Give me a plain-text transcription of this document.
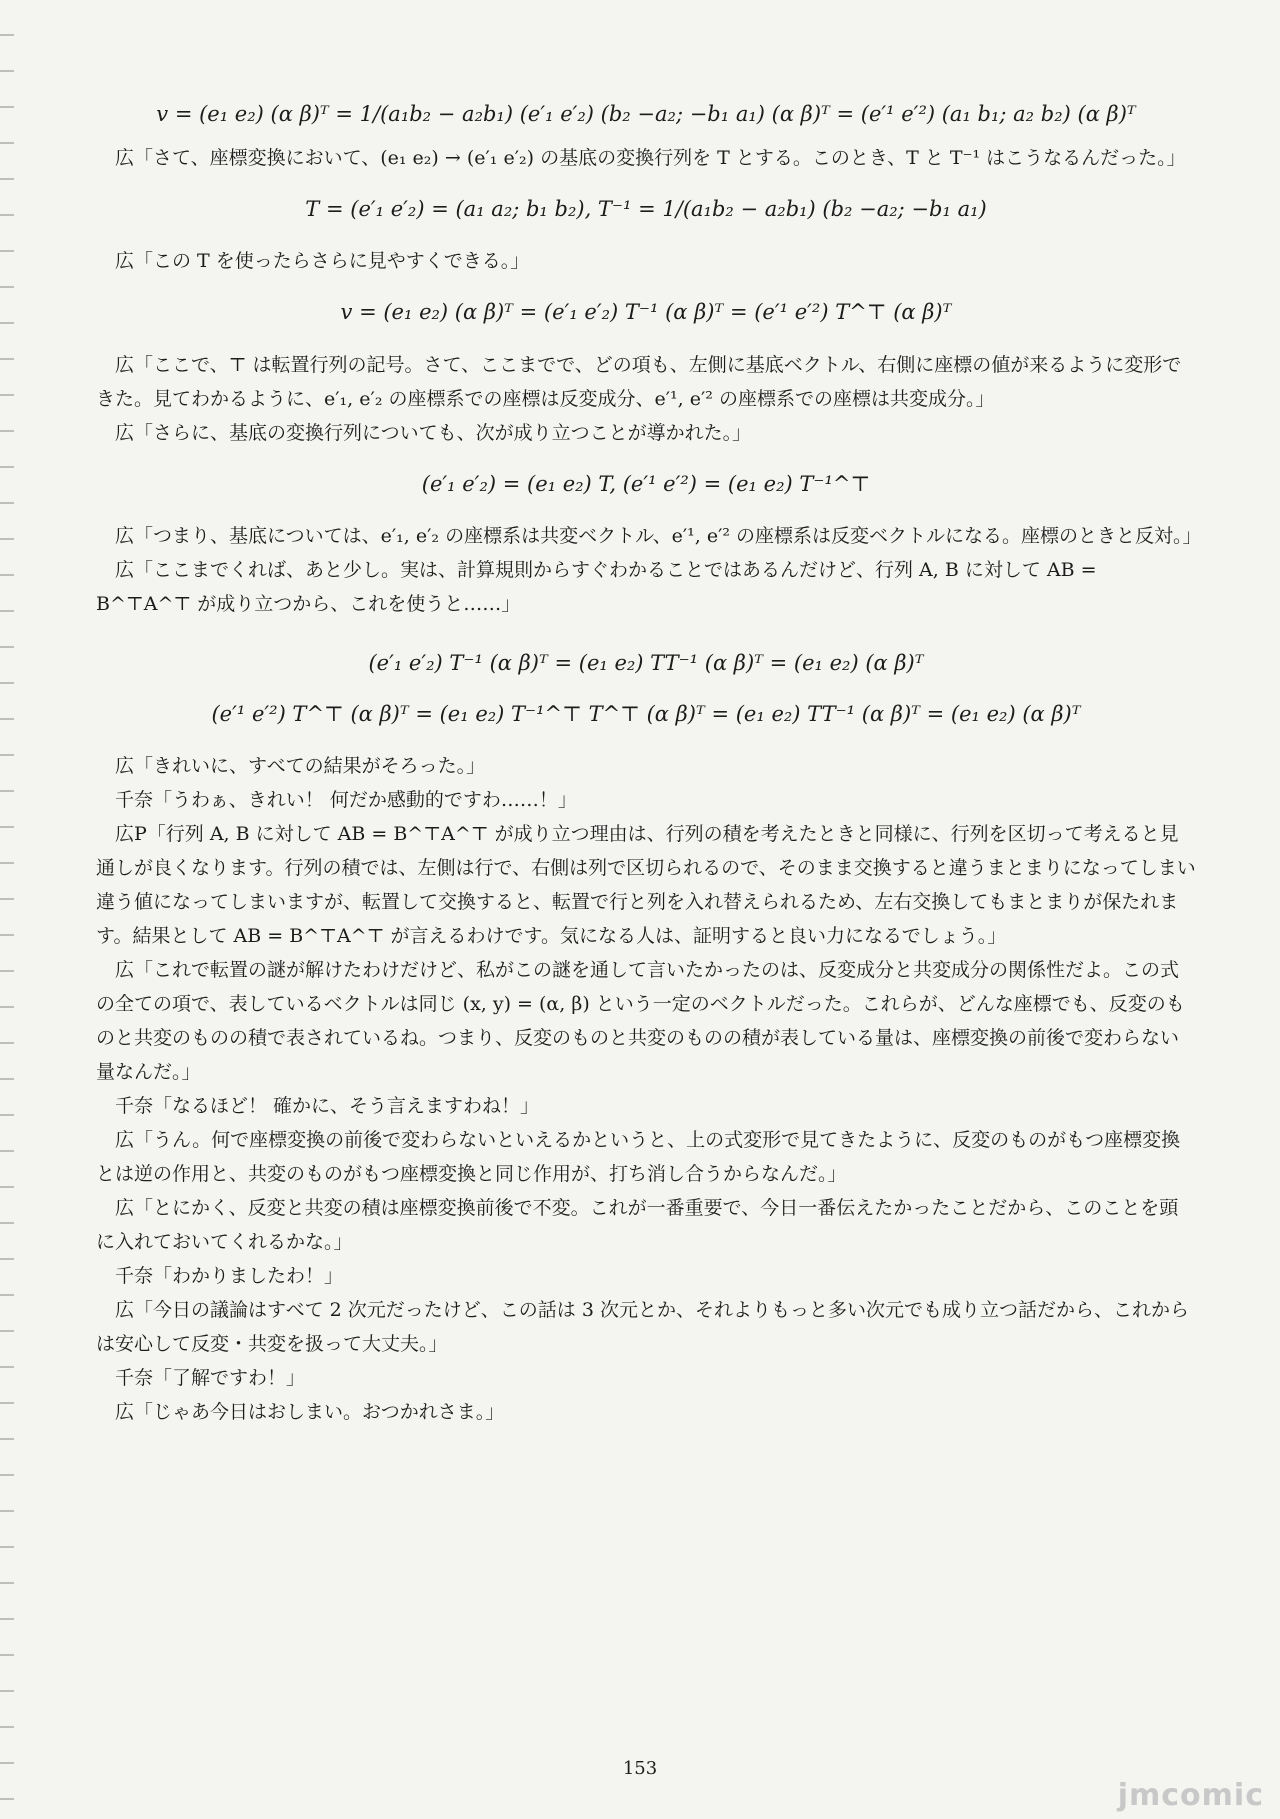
v = (e₁ e₂) (α β)ᵀ = 1/(a₁b₂ − a₂b₁) (e′₁ e′₂) (b₂ −a₂; −b₁ a₁) (α β)ᵀ = (e′¹ e′²) (a₁ b₁; a₂ b₂) (α β)ᵀ

広「さて、座標変換において、(e₁ e₂) → (e′₁ e′₂) の基底の変換行列を T とする。このとき、T と T⁻¹ はこうなるんだった。」

T = (e′₁ e′₂) = (a₁ a₂; b₁ b₂), T⁻¹ = 1/(a₁b₂ − a₂b₁) (b₂ −a₂; −b₁ a₁)

広「この T を使ったらさらに見やすくできる。」

v = (e₁ e₂) (α β)ᵀ = (e′₁ e′₂) T⁻¹ (α β)ᵀ = (e′¹ e′²) T^⊤ (α β)ᵀ

広「ここで、⊤ は転置行列の記号。さて、ここまでで、どの項も、左側に基底ベクトル、右側に座標の値が来るように変形できた。見てわかるように、e′₁, e′₂ の座標系での座標は反変成分、e′¹, e′² の座標系での座標は共変成分。」

広「さらに、基底の変換行列についても、次が成り立つことが導かれた。」

(e′₁ e′₂) = (e₁ e₂) T, (e′¹ e′²) = (e₁ e₂) T⁻¹^⊤

広「つまり、基底については、e′₁, e′₂ の座標系は共変ベクトル、e′¹, e′² の座標系は反変ベクトルになる。座標のときと反対。」

広「ここまでくれば、あと少し。実は、計算規則からすぐわかることではあるんだけど、行列 A, B に対して AB = B^⊤A^⊤ が成り立つから、これを使うと……」

(e′₁ e′₂) T⁻¹ (α β)ᵀ = (e₁ e₂) TT⁻¹ (α β)ᵀ = (e₁ e₂) (α β)ᵀ
(e′¹ e′²) T^⊤ (α β)ᵀ = (e₁ e₂) T⁻¹^⊤ T^⊤ (α β)ᵀ = (e₁ e₂) TT⁻¹ (α β)ᵀ = (e₁ e₂) (α β)ᵀ

広「きれいに、すべての結果がそろった。」

千奈「うわぁ、きれい！ 何だか感動的ですわ……！」

広P「行列 A, B に対して AB = B^⊤A^⊤ が成り立つ理由は、行列の積を考えたときと同様に、行列を区切って考えると見通しが良くなります。行列の積では、左側は行で、右側は列で区切られるので、そのまま交換すると違うまとまりになってしまい違う値になってしまいますが、転置して交換すると、転置で行と列を入れ替えられるため、左右交換してもまとまりが保たれます。結果として AB = B^⊤A^⊤ が言えるわけです。気になる人は、証明すると良い力になるでしょう。」

広「これで転置の謎が解けたわけだけど、私がこの謎を通して言いたかったのは、反変成分と共変成分の関係性だよ。この式の全ての項で、表しているベクトルは同じ (x, y) = (α, β) という一定のベクトルだった。これらが、どんな座標でも、反変のものと共変のものの積で表されているね。つまり、反変のものと共変のものの積が表している量は、座標変換の前後で変わらない量なんだ。」

千奈「なるほど！ 確かに、そう言えますわね！」

広「うん。何で座標変換の前後で変わらないといえるかというと、上の式変形で見てきたように、反変のものがもつ座標変換とは逆の作用と、共変のものがもつ座標変換と同じ作用が、打ち消し合うからなんだ。」

広「とにかく、反変と共変の積は座標変換前後で不変。これが一番重要で、今日一番伝えたかったことだから、このことを頭に入れておいてくれるかな。」

千奈「わかりましたわ！」

広「今日の議論はすべて 2 次元だったけど、この話は 3 次元とか、それよりもっと多い次元でも成り立つ話だから、これからは安心して反変・共変を扱って大丈夫。」

千奈「了解ですわ！」

広「じゃあ今日はおしまい。おつかれさま。」

153
jmcomic
